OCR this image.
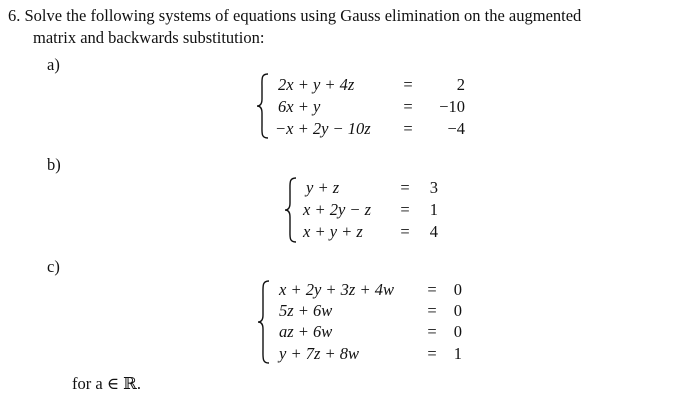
6. Solve the following systems of equations using Gauss elimination on the augmented
matrix and backwards substitution:
a)
2x + y + 4z	=	2
6x + y	=	−10
−x + 2y − 10z	=	−4
b)
y + z	=	3
x + 2y − z	=	1
x + y + z	=	4
c)
x + 2y + 3z + 4w	=	0
5z + 6w	=	0
az + 6w	=	0
y + 7z + 8w	=	1
for a ∈ ℝ.
